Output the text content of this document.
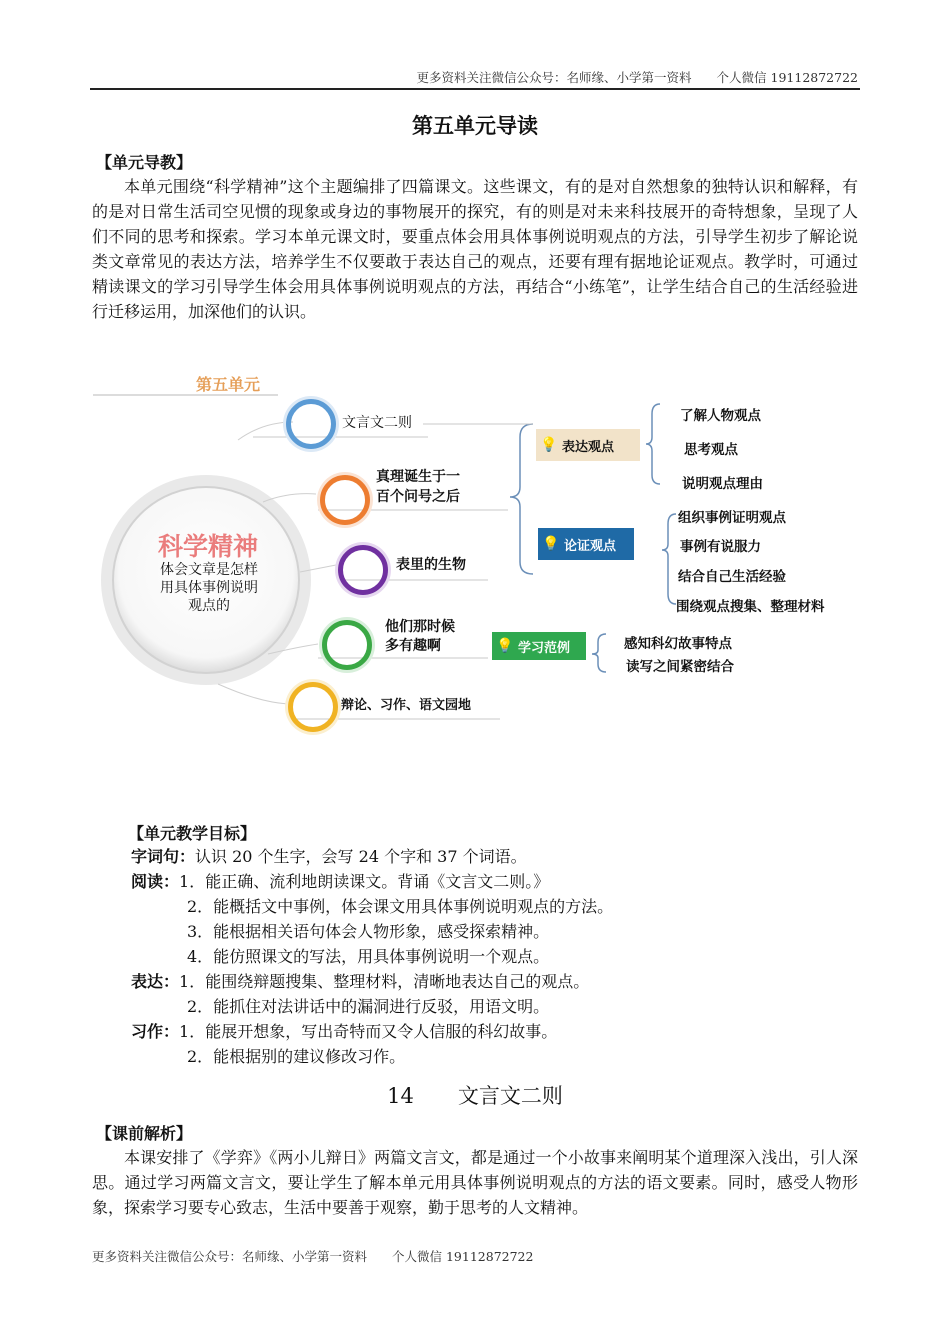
更多资料关注微信公众号：名师缘、小学第一资料　　个人微信 19112872722
第五单元导读
【单元导教】
本单元围绕“科学精神”这个主题编排了四篇课文。这些课文，有的是对自然想象的独特认识和解释，有的是对日常生活司空见惯的现象或身边的事物展开的探究，有的则是对未来科技展开的奇特想象，呈现了人们不同的思考和探索。学习本单元课文时，要重点体会用具体事例说明观点的方法，引导学生初步了解论说类文章常见的表达方法，培养学生不仅要敢于表达自己的观点，还要有理有据地论证观点。教学时，可通过精读课文的学习引导学生体会用具体事例说明观点的方法，再结合“小练笔”，让学生结合自己的生活经验进行迁移运用，加深他们的认识。
第五单元
科学精神
体会文章是怎样
用具体事例说明
观点的
文言文二则
真理诞生于一
百个问号之后
表里的生物
他们那时候
多有趣啊
辩论、习作、语文园地
💡 表达观点
💡 论证观点
💡 学习范例
了解人物观点
思考观点
说明观点理由
组织事例证明观点
事例有说服力
结合自己生活经验
围绕观点搜集、整理材料
感知科幻故事特点
读写之间紧密结合
【单元教学目标】
字词句：认识 20 个生字，会写 24 个字和 37 个词语。
阅读：1．能正确、流利地朗读课文。背诵《文言文二则。》
2．能概括文中事例，体会课文用具体事例说明观点的方法。
3．能根据相关语句体会人物形象，感受探索精神。
4．能仿照课文的写法，用具体事例说明一个观点。
表达：1．能围绕辩题搜集、整理材料，清晰地表达自己的观点。
2．能抓住对法讲话中的漏洞进行反驳，用语文明。
习作：1．能展开想象，写出奇特而又令人信服的科幻故事。
2．能根据别的建议修改习作。
14 文言文二则
【课前解析】
本课安排了《学弈》《两小儿辩日》两篇文言文，都是通过一个小故事来阐明某个道理深入浅出，引人深思。通过学习两篇文言文，要让学生了解本单元用具体事例说明观点的方法的语文要素。同时，感受人物形象，探索学习要专心致志，生活中要善于观察，勤于思考的人文精神。
更多资料关注微信公众号：名师缘、小学第一资料　　个人微信 19112872722
